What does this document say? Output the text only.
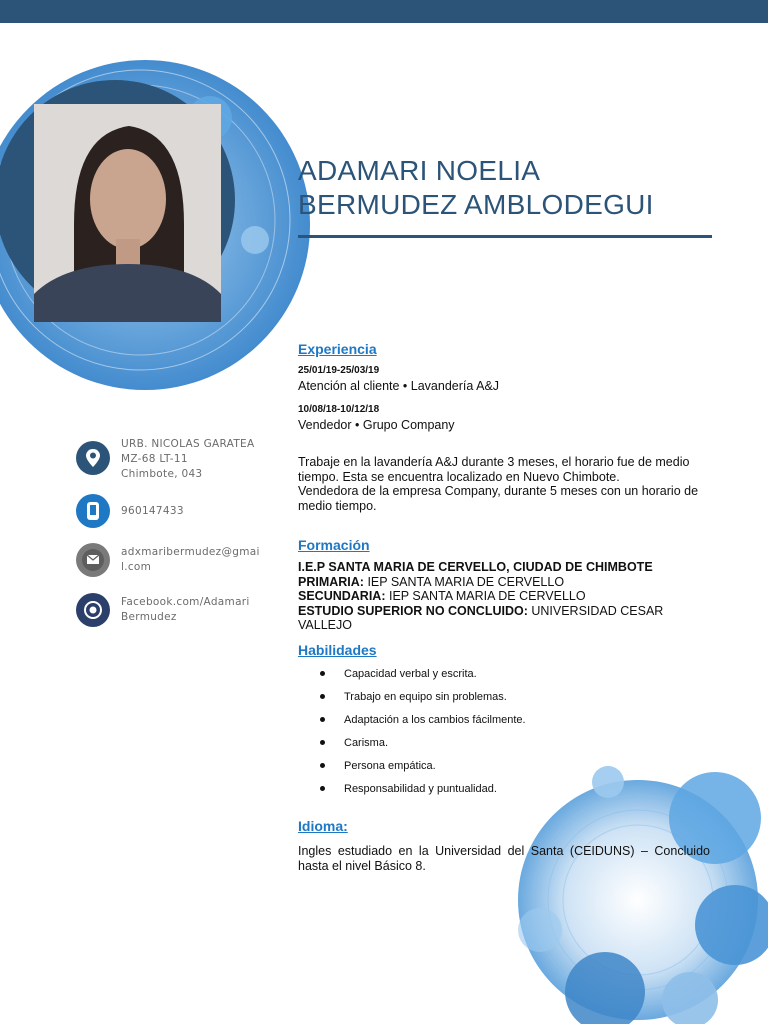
ADAMARI NOELIA
BERMUDEZ AMBLODEGUI
URB. NICOLAS GARATEA
MZ-68 LT-11
Chimbote, 043
960147433
adxmaribermudez@gmai
l.com
Facebook.com/Adamari
Bermudez
Experiencia
25/01/19-25/03/19
Atención al cliente • Lavandería A&J
10/08/18-10/12/18
Vendedor • Grupo Company
Trabaje en la lavandería A&J durante 3 meses, el horario fue de medio tiempo. Esta se encuentra localizado en Nuevo Chimbote.
Vendedora de la empresa Company, durante 5 meses con un horario de medio tiempo.
Formación
I.E.P SANTA MARIA DE CERVELLO, CIUDAD DE CHIMBOTE
PRIMARIA: IEP SANTA MARIA DE CERVELLO
SECUNDARIA: IEP SANTA MARIA DE CERVELLO
ESTUDIO SUPERIOR NO CONCLUIDO: UNIVERSIDAD CESAR VALLEJO
Habilidades
Capacidad verbal y escrita.
Trabajo en equipo sin problemas.
Adaptación a los cambios fácilmente.
Carisma.
Persona empática.
Responsabilidad y puntualidad.
Idioma:
Ingles estudiado en la Universidad del Santa (CEIDUNS) – Concluido hasta el nivel Básico 8.
